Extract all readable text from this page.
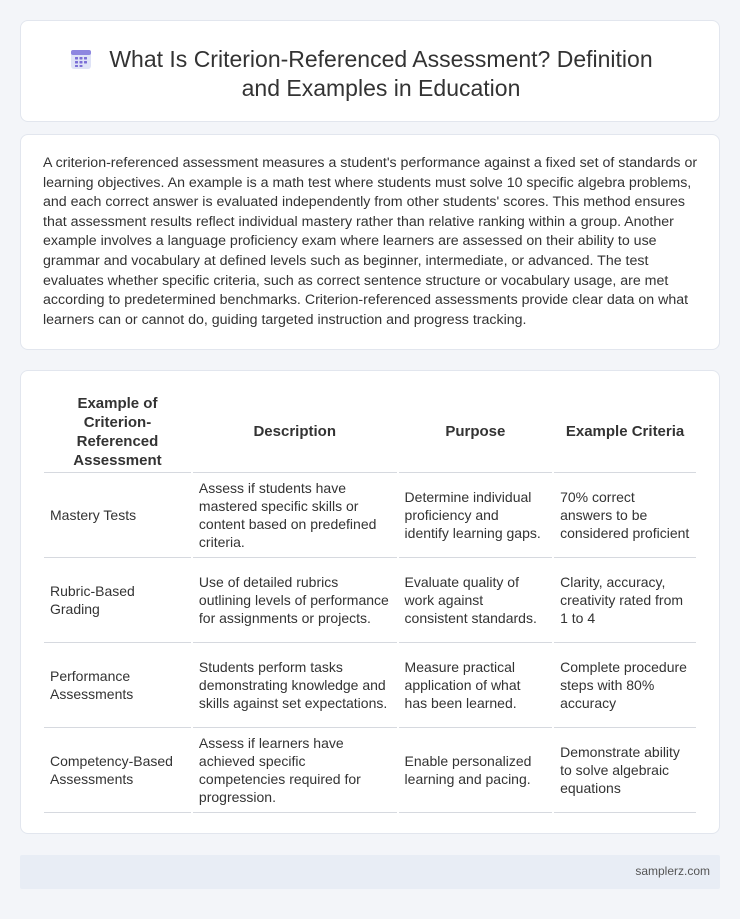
What Is Criterion-Referenced Assessment? Definition and Examples in Education

A criterion-referenced assessment measures a student's performance against a fixed set of standards or learning objectives. An example is a math test where students must solve 10 specific algebra problems, and each correct answer is evaluated independently from other students' scores. This method ensures that assessment results reflect individual mastery rather than relative ranking within a group. Another example involves a language proficiency exam where learners are assessed on their ability to use grammar and vocabulary at defined levels such as beginner, intermediate, or advanced. The test evaluates whether specific criteria, such as correct sentence structure or vocabulary usage, are met according to predetermined benchmarks. Criterion-referenced assessments provide clear data on what learners can or cannot do, guiding targeted instruction and progress tracking.

Example of Criterion-Referenced Assessment	Description	Purpose	Example Criteria
Mastery Tests	Assess if students have mastered specific skills or content based on predefined criteria.	Determine individual proficiency and identify learning gaps.	70% correct answers to be considered proficient
Rubric-Based Grading	Use of detailed rubrics outlining levels of performance for assignments or projects.	Evaluate quality of work against consistent standards.	Clarity, accuracy, creativity rated from 1 to 4
Performance Assessments	Students perform tasks demonstrating knowledge and skills against set expectations.	Measure practical application of what has been learned.	Complete procedure steps with 80% accuracy
Competency-Based Assessments	Assess if learners have achieved specific competencies required for progression.	Enable personalized learning and pacing.	Demonstrate ability to solve algebraic equations
samplerz.com
